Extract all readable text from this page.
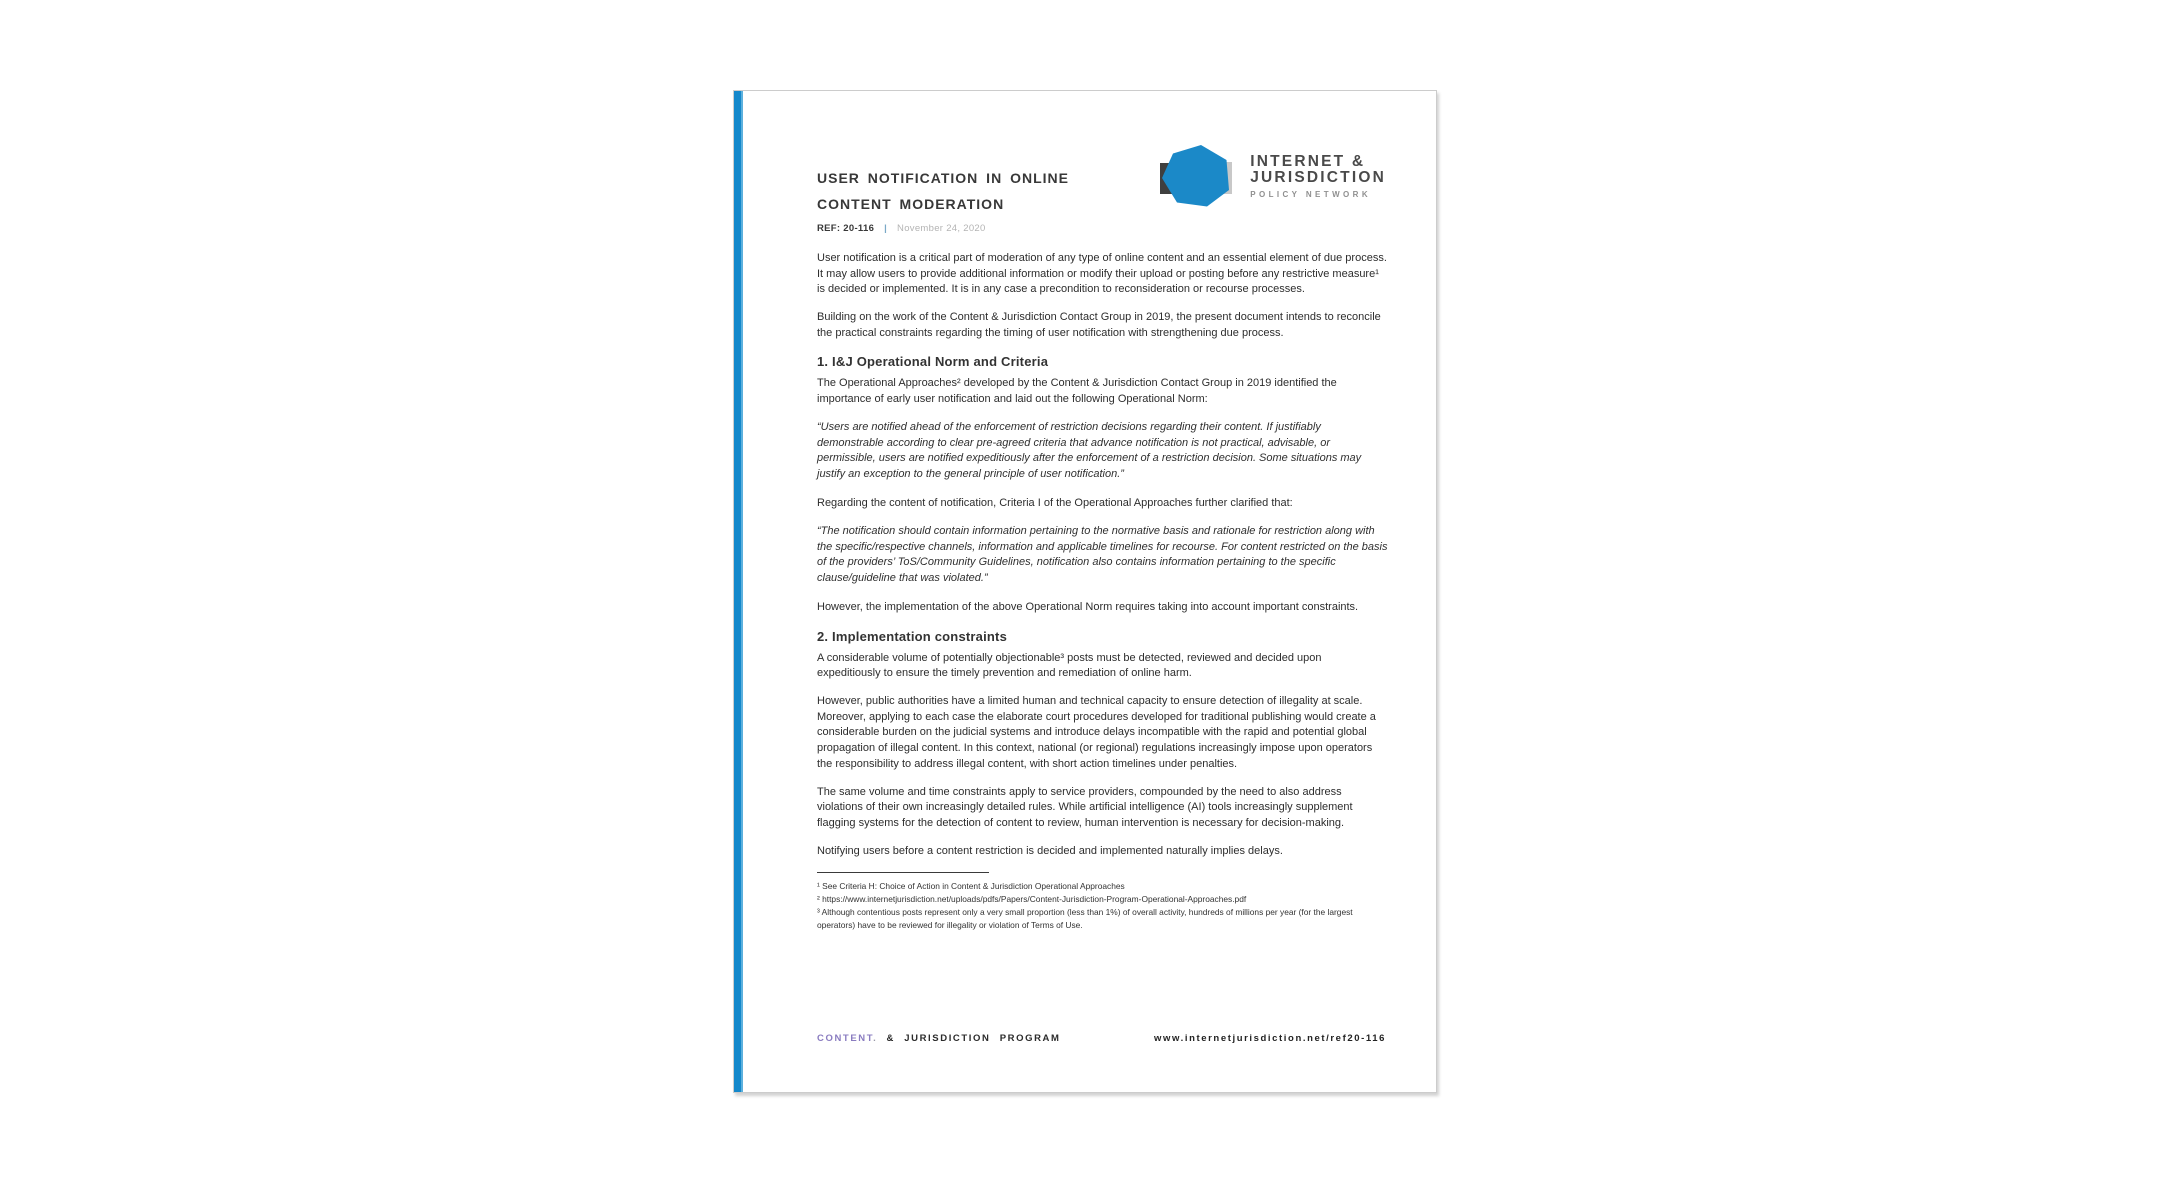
USER NOTIFICATION IN ONLINE
CONTENT MODERATION
REF: 20-116 | November 24, 2020
INTERNET &
JURISDICTION
POLICY NETWORK

User notification is a critical part of moderation of any type of online content and an essential element of due process. It may allow users to provide additional information or modify their upload or posting before any restrictive measure¹ is decided or implemented. It is in any case a precondition to reconsideration or recourse processes.

Building on the work of the Content & Jurisdiction Contact Group in 2019, the present document intends to reconcile the practical constraints regarding the timing of user notification with strengthening due process.

1. I&J Operational Norm and Criteria

The Operational Approaches² developed by the Content & Jurisdiction Contact Group in 2019 identified the importance of early user notification and laid out the following Operational Norm:

“Users are notified ahead of the enforcement of restriction decisions regarding their content. If justifiably demonstrable according to clear pre-agreed criteria that advance notification is not practical, advisable, or permissible, users are notified expeditiously after the enforcement of a restriction decision. Some situations may justify an exception to the general principle of user notification.”

Regarding the content of notification, Criteria I of the Operational Approaches further clarified that:

“The notification should contain information pertaining to the normative basis and rationale for restriction along with the specific/respective channels, information and applicable timelines for recourse. For content restricted on the basis of the providers’ ToS/Community Guidelines, notification also contains information pertaining to the specific clause/guideline that was violated.”

However, the implementation of the above Operational Norm requires taking into account important constraints.

2. Implementation constraints

A considerable volume of potentially objectionable³ posts must be detected, reviewed and decided upon expeditiously to ensure the timely prevention and remediation of online harm.

However, public authorities have a limited human and technical capacity to ensure detection of illegality at scale. Moreover, applying to each case the elaborate court procedures developed for traditional publishing would create a considerable burden on the judicial systems and introduce delays incompatible with the rapid and potential global propagation of illegal content. In this context, national (or regional) regulations increasingly impose upon operators the responsibility to address illegal content, with short action timelines under penalties.

The same volume and time constraints apply to service providers, compounded by the need to also address violations of their own increasingly detailed rules. While artificial intelligence (AI) tools increasingly supplement flagging systems for the detection of content to review, human intervention is necessary for decision-making.

Notifying users before a content restriction is decided and implemented naturally implies delays.

¹ See Criteria H: Choice of Action in Content & Jurisdiction Operational Approaches

² https://www.internetjurisdiction.net/uploads/pdfs/Papers/Content-Jurisdiction-Program-Operational-Approaches.pdf

³ Although contentious posts represent only a very small proportion (less than 1%) of overall activity, hundreds of millions per year (for the largest operators) have to be reviewed for illegality or violation of Terms of Use.

CONTENT. & JURISDICTION PROGRAM	www.internetjurisdiction.net/ref20-116
